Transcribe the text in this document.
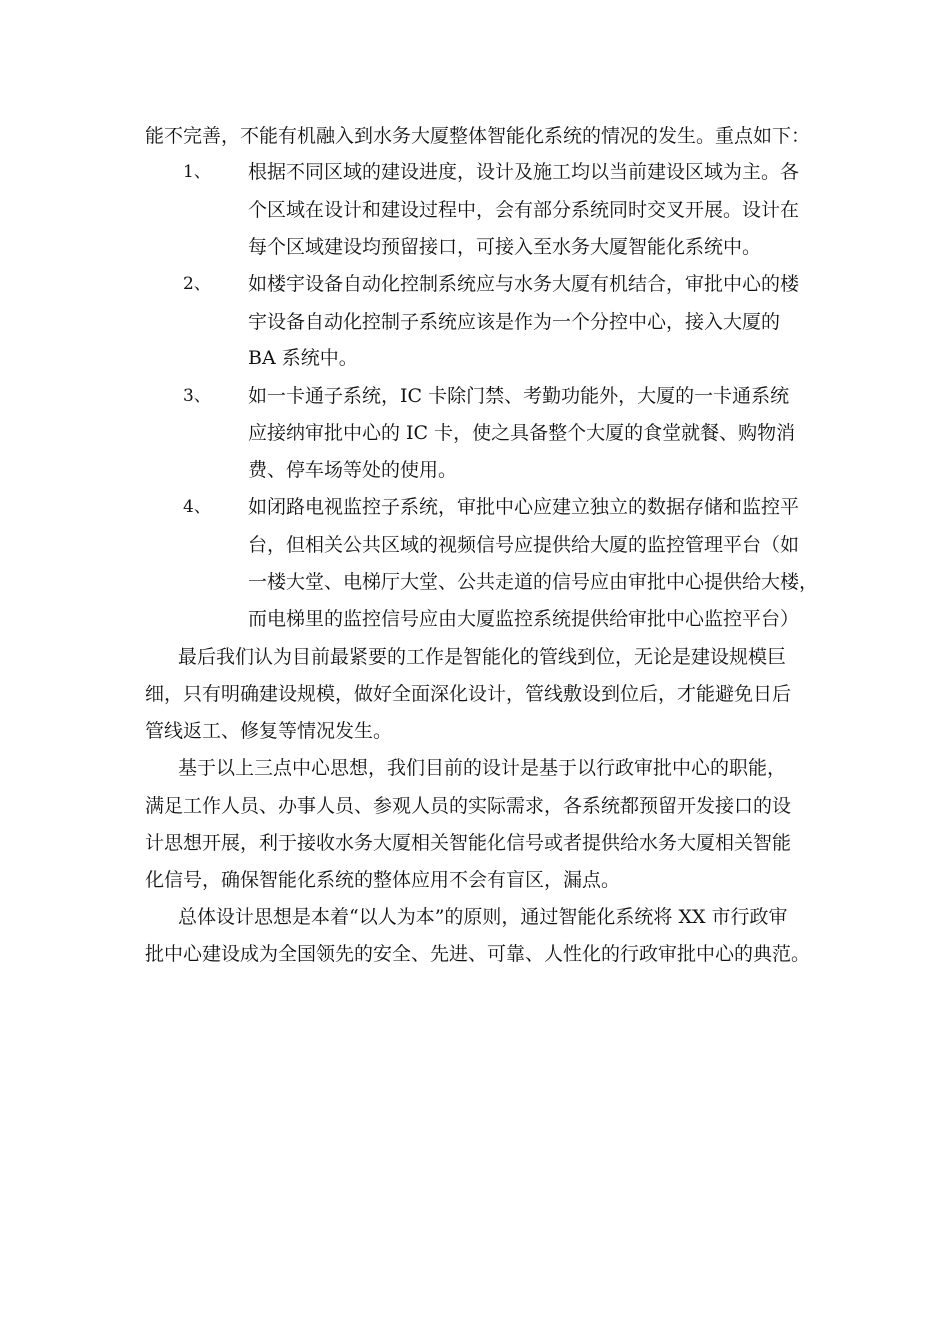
能不完善，不能有机融入到水务大厦整体智能化系统的情况的发生。重点如下：

1、 根据不同区域的建设进度，设计及施工均以当前建设区域为主。各

个区域在设计和建设过程中，会有部分系统同时交叉开展。设计在

每个区域建设均预留接口，可接入至水务大厦智能化系统中。

2、 如楼宇设备自动化控制系统应与水务大厦有机结合，审批中心的楼

宇设备自动化控制子系统应该是作为一个分控中心，接入大厦的

BA 系统中。

3、 如一卡通子系统，IC 卡除门禁、考勤功能外，大厦的一卡通系统

应接纳审批中心的 IC 卡，使之具备整个大厦的食堂就餐、购物消

费、停车场等处的使用。

4、 如闭路电视监控子系统，审批中心应建立独立的数据存储和监控平

台，但相关公共区域的视频信号应提供给大厦的监控管理平台（如

一楼大堂、电梯厅大堂、公共走道的信号应由审批中心提供给大楼，

而电梯里的监控信号应由大厦监控系统提供给审批中心监控平台）

最后我们认为目前最紧要的工作是智能化的管线到位，无论是建设规模巨

细，只有明确建设规模，做好全面深化设计，管线敷设到位后，才能避免日后

管线返工、修复等情况发生。

基于以上三点中心思想，我们目前的设计是基于以行政审批中心的职能，

满足工作人员、办事人员、参观人员的实际需求，各系统都预留开发接口的设

计思想开展，利于接收水务大厦相关智能化信号或者提供给水务大厦相关智能

化信号，确保智能化系统的整体应用不会有盲区，漏点。

总体设计思想是本着“以人为本”的原则，通过智能化系统将 XX 市行政审

批中心建设成为全国领先的安全、先进、可靠、人性化的行政审批中心的典范。
